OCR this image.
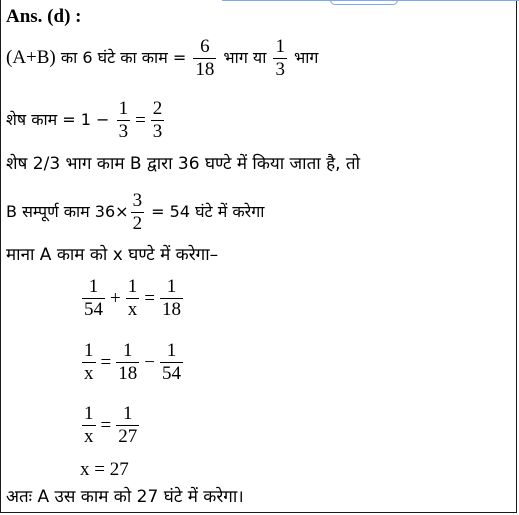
Ans. (d) :
(A+B) का 6 घंटे का काम = $\frac{6}{18}$ भाग या $\frac{1}{3}$ भाग
शेष काम = $1 - \frac{1}{3} = \frac{2}{3}$
शेष 2/3 भाग काम B द्वारा 36 घण्टे में किया जाता है, तो
B सम्पूर्ण काम $36\times \frac{3}{2} = 54$ घंटे में करेगा
माना A काम को x घण्टे में करेगा–
$\frac{1}{54} + \frac{1}{x} = \frac{1}{18}$
$\frac{1}{x} = \frac{1}{18} - \frac{1}{54}$
$\frac{1}{x} = \frac{1}{27}$
x = 27
अतः A उस काम को 27 घंटे में करेगा।
